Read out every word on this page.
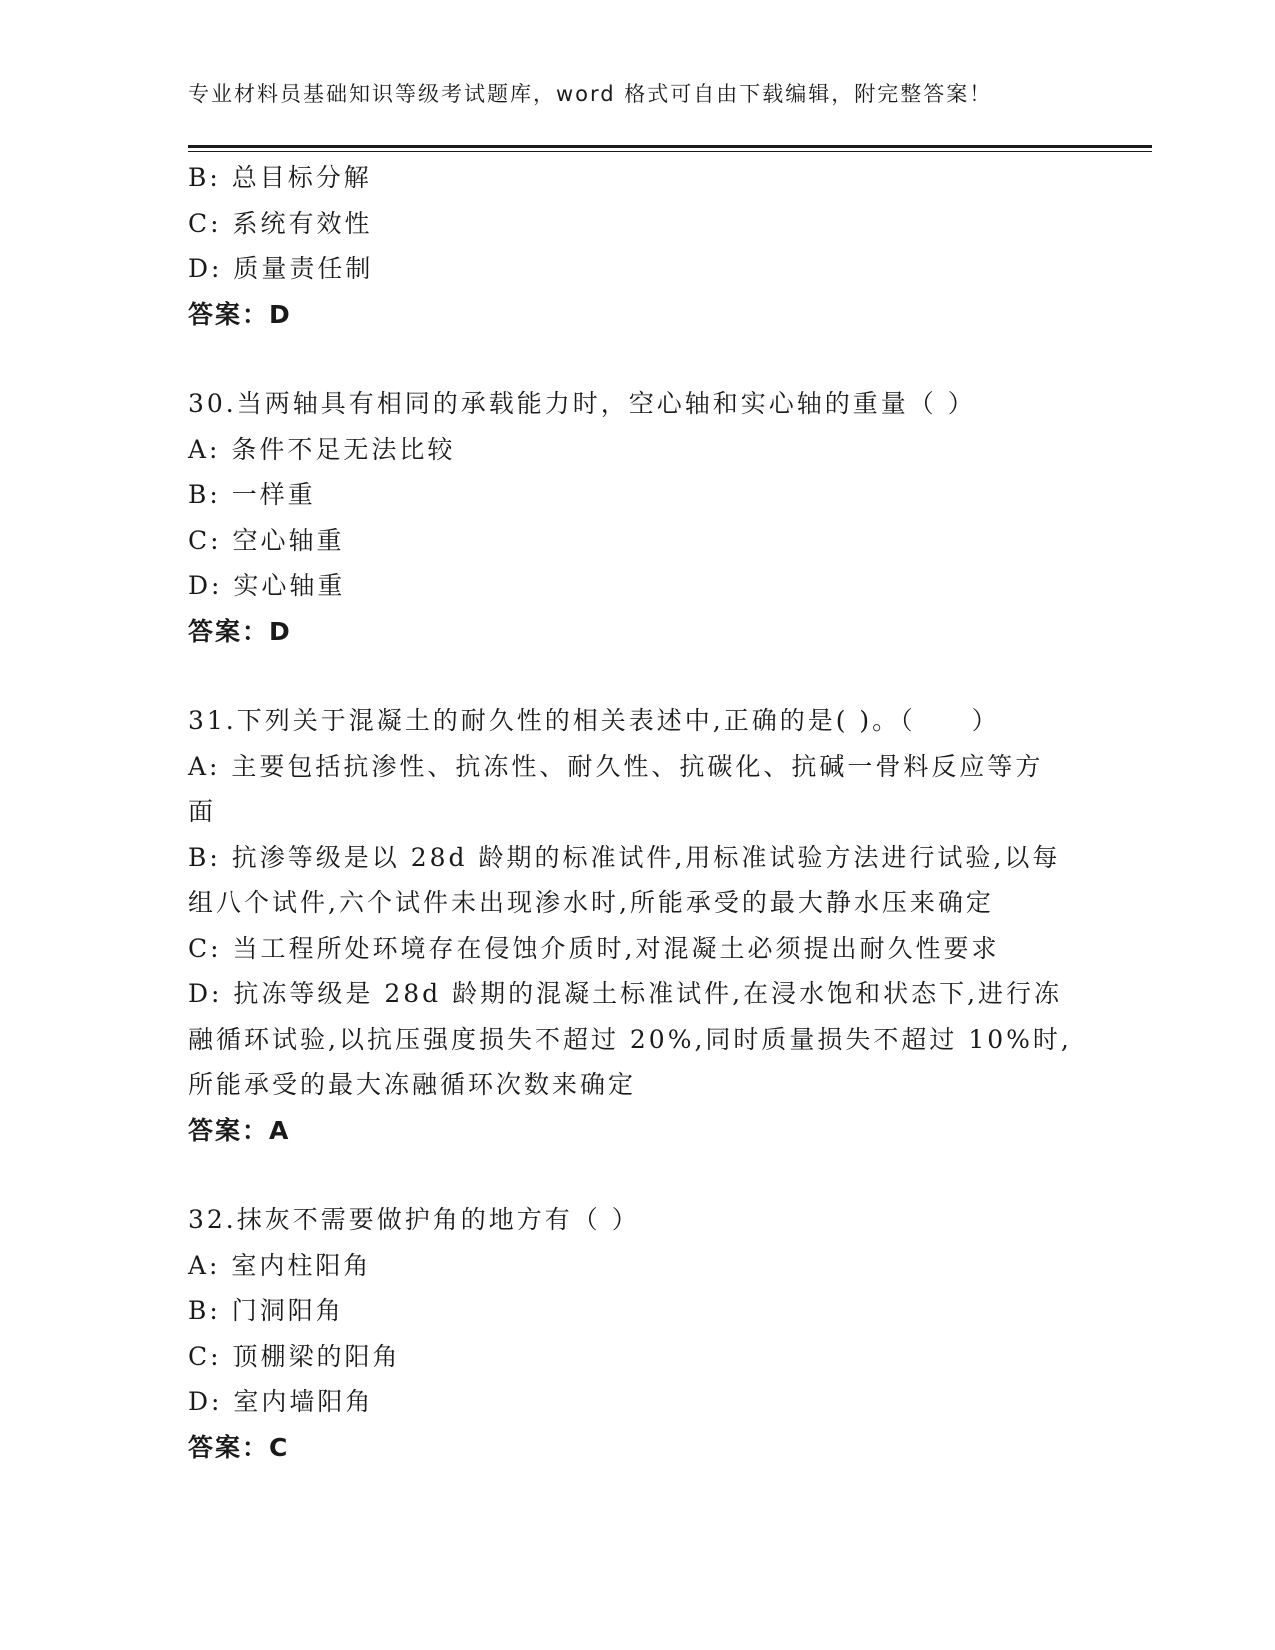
专业材料员基础知识等级考试题库，word 格式可自由下载编辑，附完整答案！

B: 总目标分解

C: 系统有效性

D: 质量责任制

答案：D

30.当两轴具有相同的承载能力时，空心轴和实心轴的重量（ ）

A: 条件不足无法比较

B: 一样重

C: 空心轴重

D: 实心轴重

答案：D

31.下列关于混凝土的耐久性的相关表述中,正确的是( )。（　　）

A: 主要包括抗渗性、抗冻性、耐久性、抗碳化、抗碱一骨料反应等方

面

B: 抗渗等级是以 28d 龄期的标准试件,用标准试验方法进行试验,以每

组八个试件,六个试件未出现渗水时,所能承受的最大静水压来确定

C: 当工程所处环境存在侵蚀介质时,对混凝土必须提出耐久性要求

D: 抗冻等级是 28d 龄期的混凝土标准试件,在浸水饱和状态下,进行冻

融循环试验,以抗压强度损失不超过 20%,同时质量损失不超过 10%时,

所能承受的最大冻融循环次数来确定

答案：A

32.抹灰不需要做护角的地方有（ ）

A: 室内柱阳角

B: 门洞阳角

C: 顶棚梁的阳角

D: 室内墙阳角

答案：C
